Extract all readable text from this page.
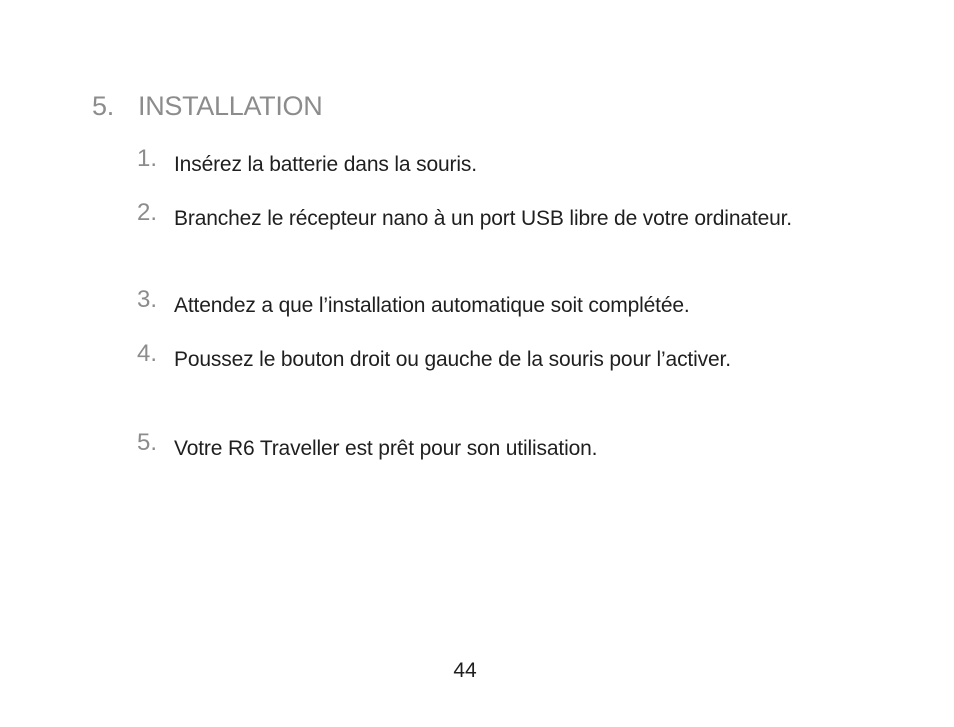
5. INSTALLATION
1. Insérez la batterie dans la souris.
2. Branchez le récepteur nano à un port USB libre de votre ordinateur.
3. Attendez a que l’installation automatique soit complétée.
4. Poussez le bouton droit ou gauche de la souris pour l’activer.
5. Votre R6 Traveller est prêt pour son utilisation.
44
